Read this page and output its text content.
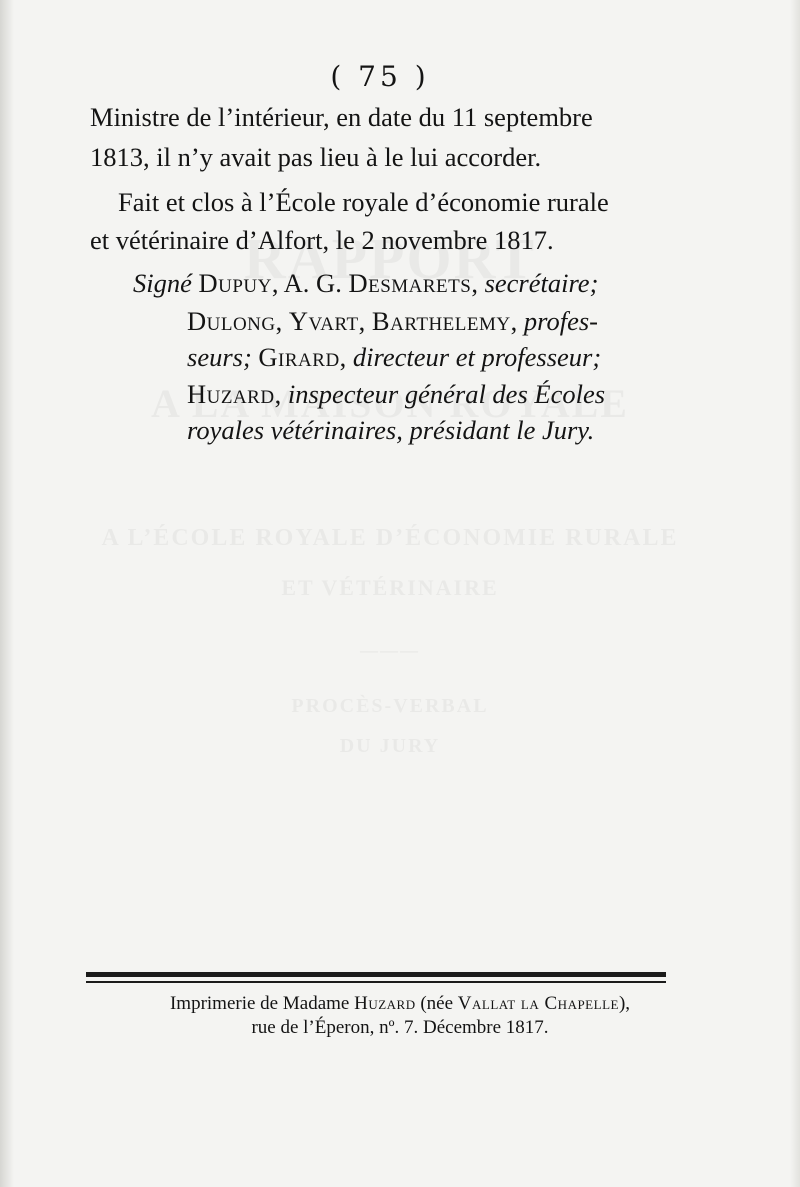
( 75 )
Ministre de l’intérieur, en date du 11 septembre
1813, il n’y avait pas lieu à le lui accorder.
Fait et clos à l’École royale d’économie rurale
et vétérinaire d’Alfort, le 2 novembre 1817.
Signé Dupuy, A. G. Desmarets, secrétaire;
Dulong, Yvart, Barthelemy, profes-
seurs; Girard, directeur et professeur;
Huzard, inspecteur général des Écoles
royales vétérinaires, présidant le Jury.
Imprimerie de Madame Huzard (née Vallat la Chapelle),
rue de l’Éperon, nº. 7. Décembre 1817.
